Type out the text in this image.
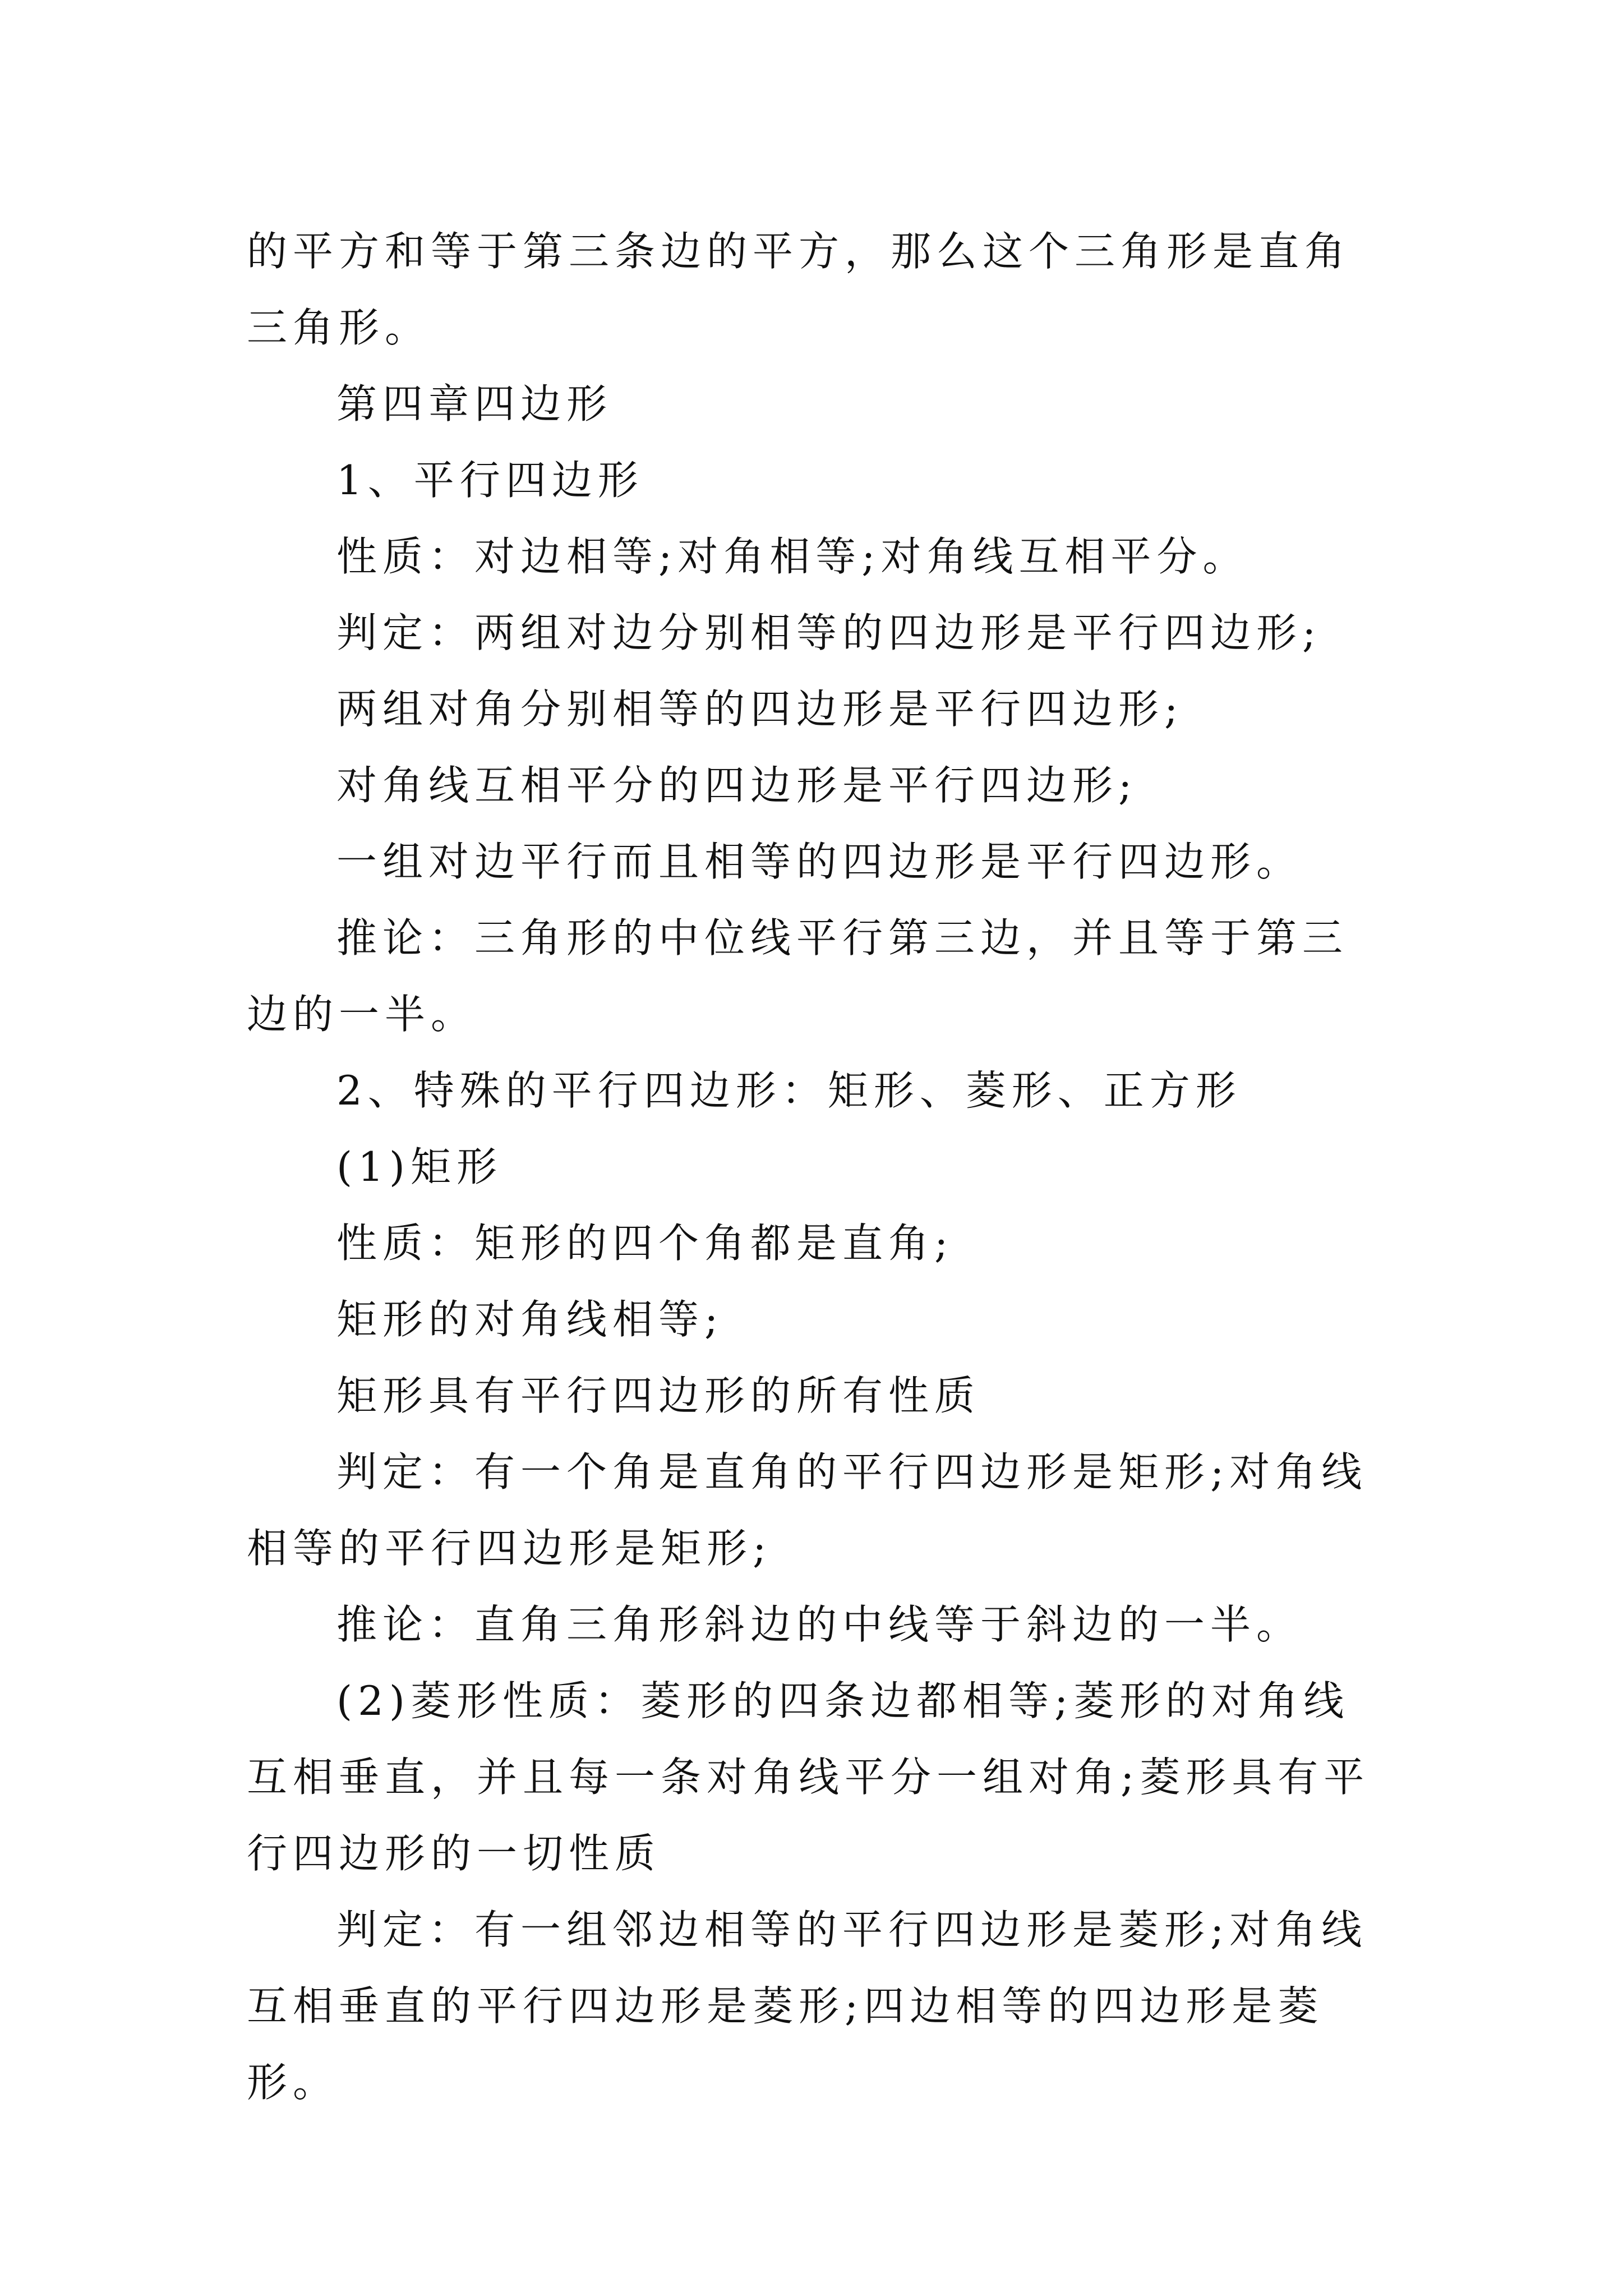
的平方和等于第三条边的平方，那么这个三角形是直角三角形。

第四章四边形

1、平行四边形

性质：对边相等;对角相等;对角线互相平分。

判定：两组对边分别相等的四边形是平行四边形;

两组对角分别相等的四边形是平行四边形;

对角线互相平分的四边形是平行四边形;

一组对边平行而且相等的四边形是平行四边形。

推论：三角形的中位线平行第三边，并且等于第三边的一半。

2、特殊的平行四边形：矩形、菱形、正方形

(1)矩形

性质：矩形的四个角都是直角;

矩形的对角线相等;

矩形具有平行四边形的所有性质

判定：有一个角是直角的平行四边形是矩形;对角线相等的平行四边形是矩形;

推论：直角三角形斜边的中线等于斜边的一半。

(2)菱形性质：菱形的四条边都相等;菱形的对角线互相垂直，并且每一条对角线平分一组对角;菱形具有平行四边形的一切性质

判定：有一组邻边相等的平行四边形是菱形;对角线互相垂直的平行四边形是菱形;四边相等的四边形是菱形。
